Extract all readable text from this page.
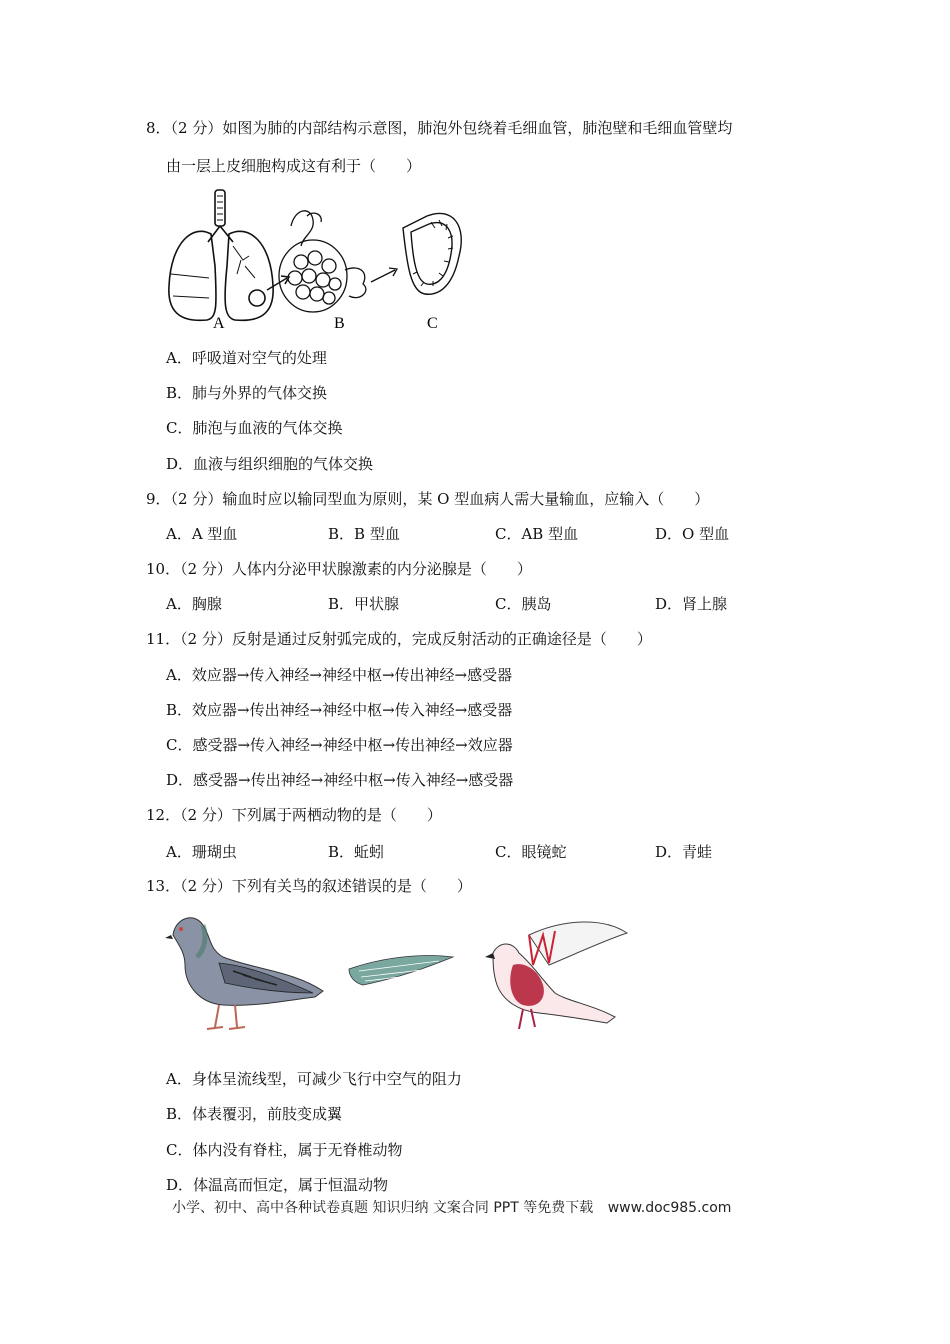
8．（2 分）如图为肺的内部结构示意图，肺泡外包绕着毛细血管，肺泡壁和毛细血管壁均
由一层上皮细胞构成这有利于（　　）
A	B	C
A．呼吸道对空气的处理
B．肺与外界的气体交换
C．肺泡与血液的气体交换
D．血液与组织细胞的气体交换
9．（2 分）输血时应以输同型血为原则，某 O 型血病人需大量输血，应输入（　　）
A．A 型血	B．B 型血	C．AB 型血	D．O 型血
10．（2 分）人体内分泌甲状腺激素的内分泌腺是（　　）
A．胸腺	B．甲状腺	C．胰岛	D．肾上腺
11．（2 分）反射是通过反射弧完成的，完成反射活动的正确途径是（　　）
A．效应器→传入神经→神经中枢→传出神经→感受器
B．效应器→传出神经→神经中枢→传入神经→感受器
C．感受器→传入神经→神经中枢→传出神经→效应器
D．感受器→传出神经→神经中枢→传入神经→感受器
12．（2 分）下列属于两栖动物的是（　　）
A．珊瑚虫	B．蚯蚓	C．眼镜蛇	D．青蛙
13．（2 分）下列有关鸟的叙述错误的是（　　）
A．身体呈流线型，可减少飞行中空气的阻力
B．体表覆羽，前肢变成翼
C．体内没有脊柱，属于无脊椎动物
D．体温高而恒定，属于恒温动物
小学、初中、高中各种试卷真题 知识归纳 文案合同 PPT 等免费下载 www.doc985.com
